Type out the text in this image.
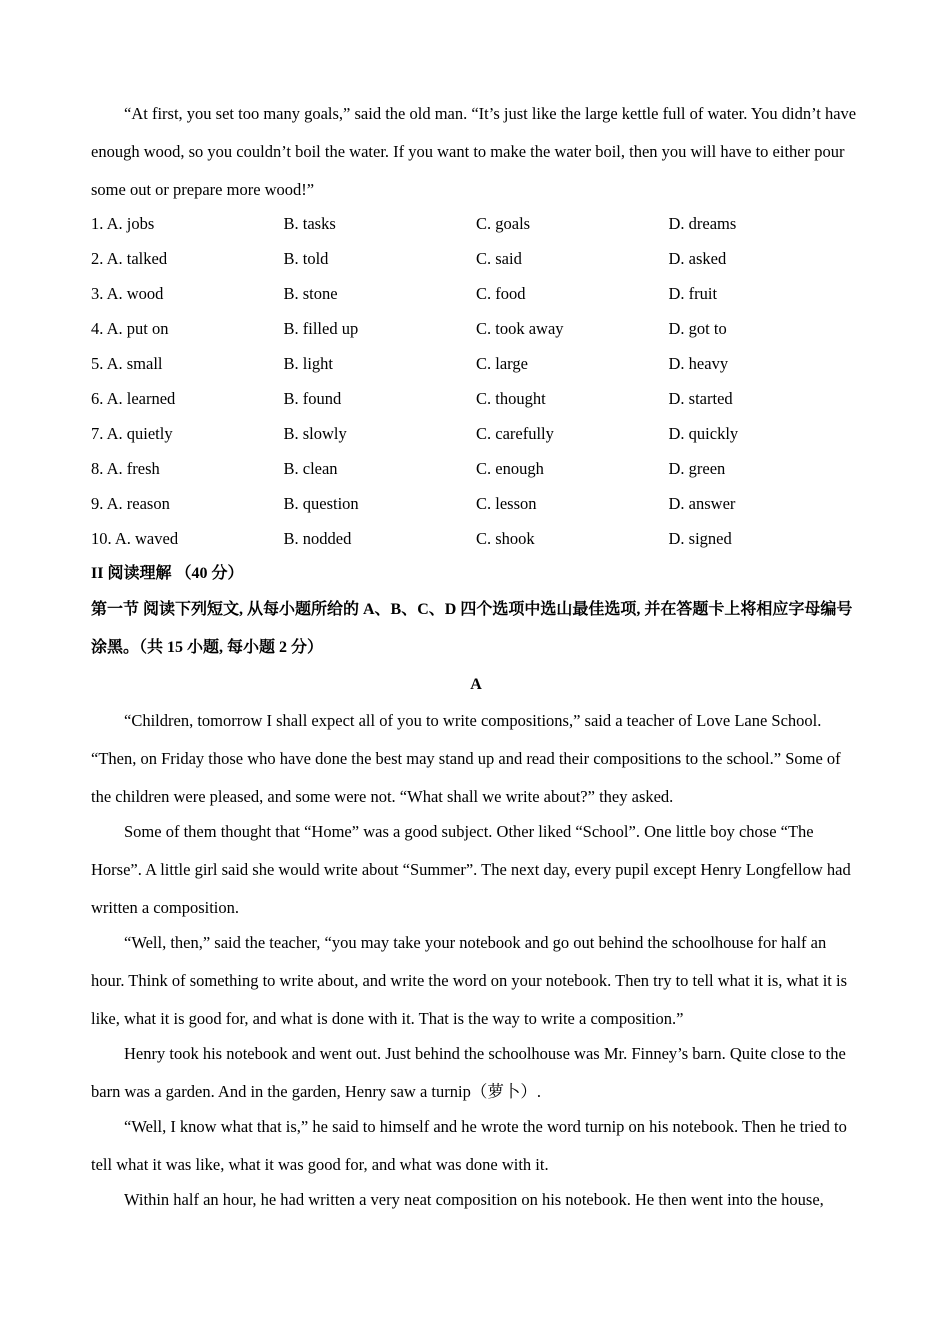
“At first, you set too many goals,” said the old man. “It’s just like the large kettle full of water. You didn’t have enough wood, so you couldn’t boil the water. If you want to make the water boil, then you will have to either pour some out or prepare more wood!”

1. A. jobs	B. tasks	C. goals	D. dreams
2. A. talked	B. told	C. said	D. asked
3. A. wood	B. stone	C. food	D. fruit
4. A. put on	B. filled up	C. took away	D. got to
5. A. small	B. light	C. large	D. heavy
6. A. learned	B. found	C. thought	D. started
7. A. quietly	B. slowly	C. carefully	D. quickly
8. A. fresh	B. clean	C. enough	D. green
9. A. reason	B. question	C. lesson	D. answer
10. A. waved	B. nodded	C. shook	D. signed
II 阅读理解 （40 分）

第一节 阅读下列短文, 从每小题所给的 A、B、C、D 四个选项中选山最佳选项, 并在答题卡上将相应字母编号涂黑。（共 15 小题, 每小题 2 分）

A

“Children, tomorrow I shall expect all of you to write compositions,” said a teacher of Love Lane School. “Then, on Friday those who have done the best may stand up and read their compositions to the school.” Some of the children were pleased, and some were not. “What shall we write about?” they asked.

Some of them thought that “Home” was a good subject. Other liked “School”. One little boy chose “The Horse”. A little girl said she would write about “Summer”. The next day, every pupil except Henry Longfellow had written a composition.

“Well, then,” said the teacher, “you may take your notebook and go out behind the schoolhouse for half an hour. Think of something to write about, and write the word on your notebook. Then try to tell what it is, what it is like, what it is good for, and what is done with it. That is the way to write a composition.”

Henry took his notebook and went out. Just behind the schoolhouse was Mr. Finney’s barn. Quite close to the barn was a garden. And in the garden, Henry saw a turnip（萝卜）.

“Well, I know what that is,” he said to himself and he wrote the word turnip on his notebook. Then he tried to tell what it was like, what it was good for, and what was done with it.

Within half an hour, he had written a very neat composition on his notebook. He then went into the house,
